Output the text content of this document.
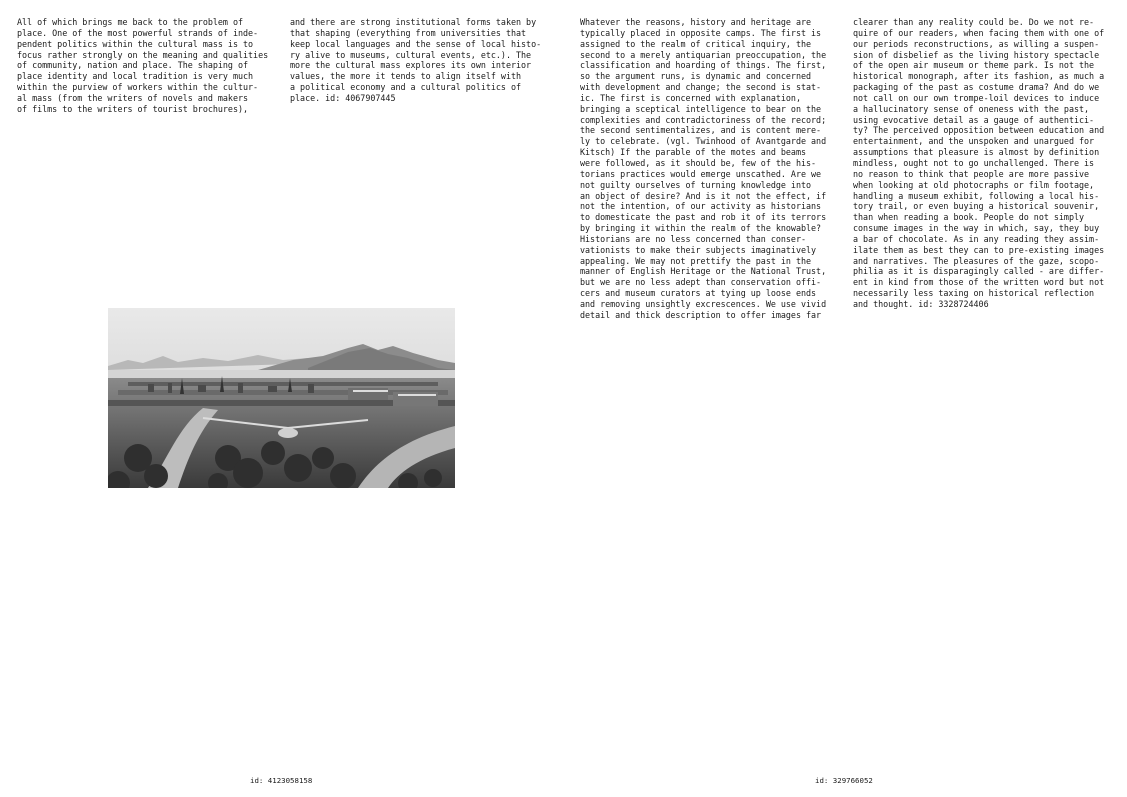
All of which brings me back to the problem of
place. One of the most powerful strands of inde-
pendent politics within the cultural mass is to
focus rather strongly on the meaning and qualities
of community, nation and place. The shaping of
place identity and local tradition is very much
within the purview of workers within the cultur-
al mass (from the writers of novels and makers
of films to the writers of tourist brochures),

and there are strong institutional forms taken by
that shaping (everything from universities that
keep local languages and the sense of local histo-
ry alive to museums, cultural events, etc.). The
more the cultural mass explores its own interior
values, the more it tends to align itself with
a political economy and a cultural politics of
place. id: 4067907445

id: 4123058158

Whatever the reasons, history and heritage are
typically placed in opposite camps. The first is
assigned to the realm of critical inquiry, the
second to a merely antiquarian preoccupation, the
classification and hoarding of things. The first,
so the argument runs, is dynamic and concerned
with development and change; the second is stat-
ic. The first is concerned with explanation,
bringing a sceptical intelligence to bear on the
complexities and contradictoriness of the record;
the second sentimentalizes, and is content mere-
ly to celebrate. (vgl. Twinhood of Avantgarde and
Kitsch) If the parable of the motes and beams
were followed, as it should be, few of the his-
torians practices would emerge unscathed. Are we
not guilty ourselves of turning knowledge into
an object of desire? And is it not the effect, if
not the intention, of our activity as historians
to domesticate the past and rob it of its terrors
by bringing it within the realm of the knowable?
Historians are no less concerned than conser-
vationists to make their subjects imaginatively
appealing. We may not prettify the past in the
manner of English Heritage or the National Trust,
but we are no less adept than conservation offi-
cers and museum curators at tying up loose ends
and removing unsightly excrescences. We use vivid
detail and thick description to offer images far

clearer than any reality could be. Do we not re-
quire of our readers, when facing them with one of
our periods reconstructions, as willing a suspen-
sion of disbelief as the living history spectacle
of the open air museum or theme park. Is not the
historical monograph, after its fashion, as much a
packaging of the past as costume drama? And do we
not call on our own trompe-loil devices to induce
a hallucinatory sense of oneness with the past,
using evocative detail as a gauge of authentici-
ty? The perceived opposition between education and
entertainment, and the unspoken and unargued for
assumptions that pleasure is almost by definition
mindless, ought not to go unchallenged. There is
no reason to think that people are more passive
when looking at old photocraphs or film footage,
handling a museum exhibit, following a local his-
tory trail, or even buying a historical souvenir,
than when reading a book. People do not simply
consume images in the way in which, say, they buy
a bar of chocolate. As in any reading they assim-
ilate them as best they can to pre-existing images
and narratives. The pleasures of the gaze, scopo-
philia as it is disparagingly called - are differ-
ent in kind from those of the written word but not
necessarily less taxing on historical reflection
and thought. id: 3328724406

id: 329766052
